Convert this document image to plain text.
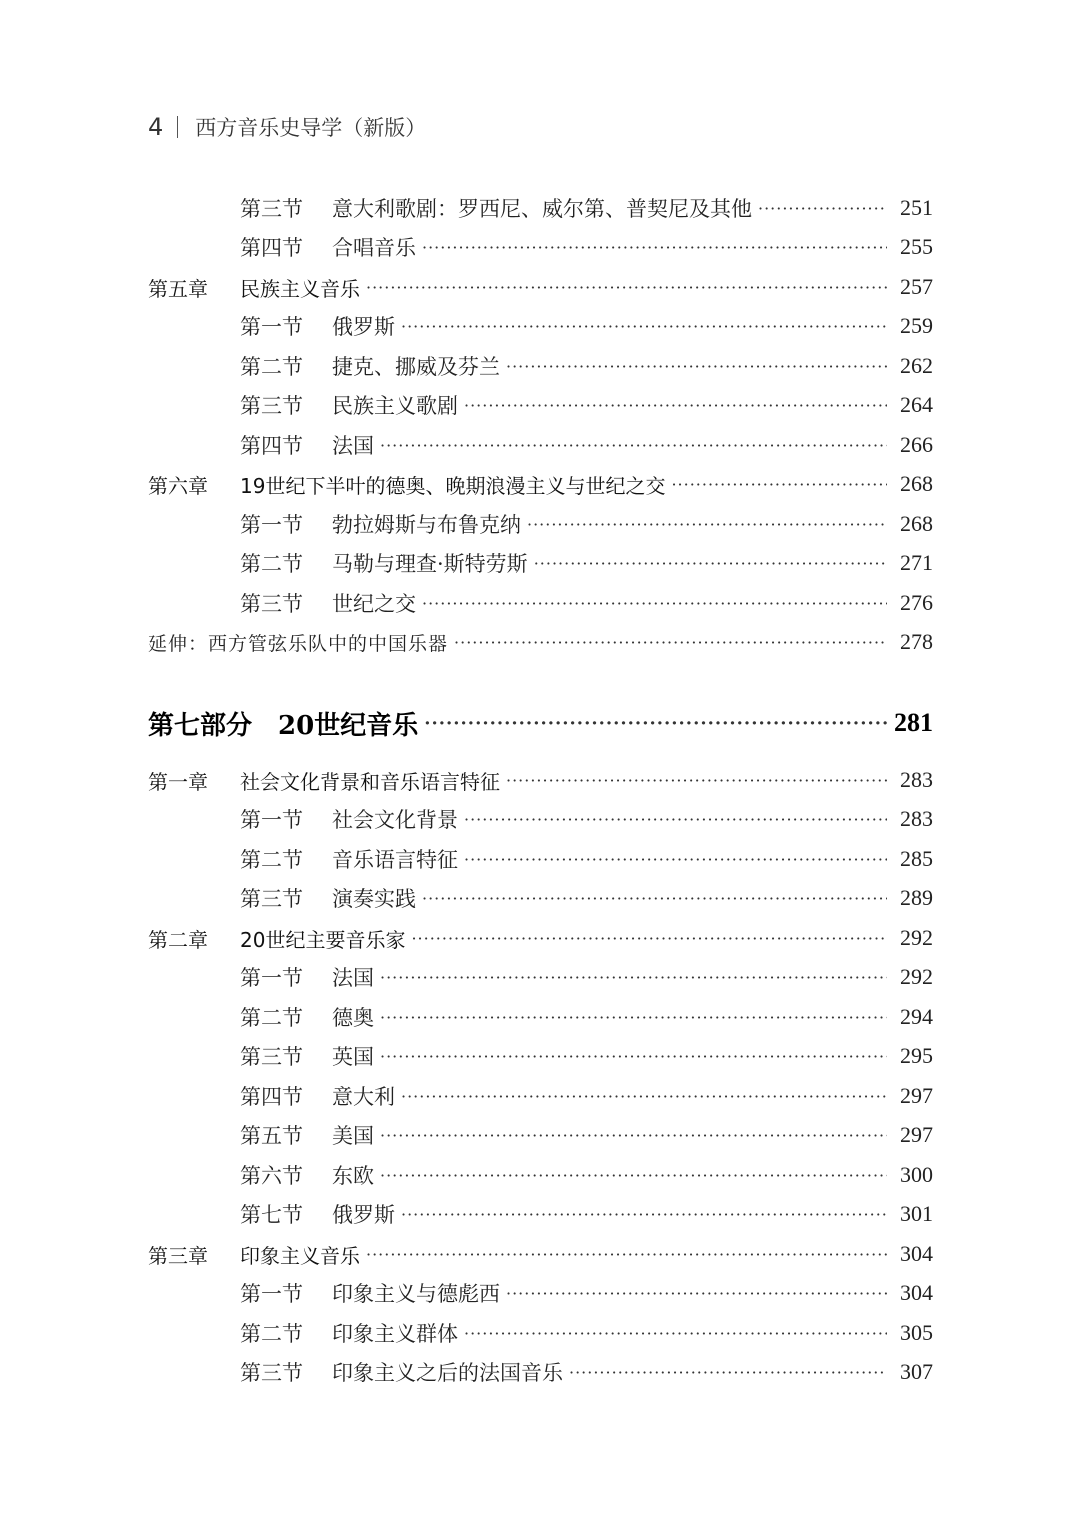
4 西方音乐史导学（新版）
第三节	意大利歌剧：罗西尼、威尔第、普契尼及其他 ·····	251
第四节	合唱音乐 ·····	255
第五章	民族主义音乐 ·····	257
第一节	俄罗斯 ·····	259
第二节	捷克、挪威及芬兰 ·····	262
第三节	民族主义歌剧 ·····	264
第四节	法国 ·····	266
第六章	19世纪下半叶的德奥、晚期浪漫主义与世纪之交 ·····	268
第一节	勃拉姆斯与布鲁克纳 ·····	268
第二节	马勒与理查·斯特劳斯 ·····	271
第三节	世纪之交 ·····	276
延伸：西方管弦乐队中的中国乐器 ·····	278
第七部分 20世纪音乐 ·····	281
第一章	社会文化背景和音乐语言特征 ·····	283
第一节	社会文化背景 ·····	283
第二节	音乐语言特征 ·····	285
第三节	演奏实践 ·····	289
第二章	20世纪主要音乐家 ·····	292
第一节	法国 ·····	292
第二节	德奥 ·····	294
第三节	英国 ·····	295
第四节	意大利 ·····	297
第五节	美国 ·····	297
第六节	东欧 ·····	300
第七节	俄罗斯 ·····	301
第三章	印象主义音乐 ·····	304
第一节	印象主义与德彪西 ·····	304
第二节	印象主义群体 ·····	305
第三节	印象主义之后的法国音乐 ·····	307
